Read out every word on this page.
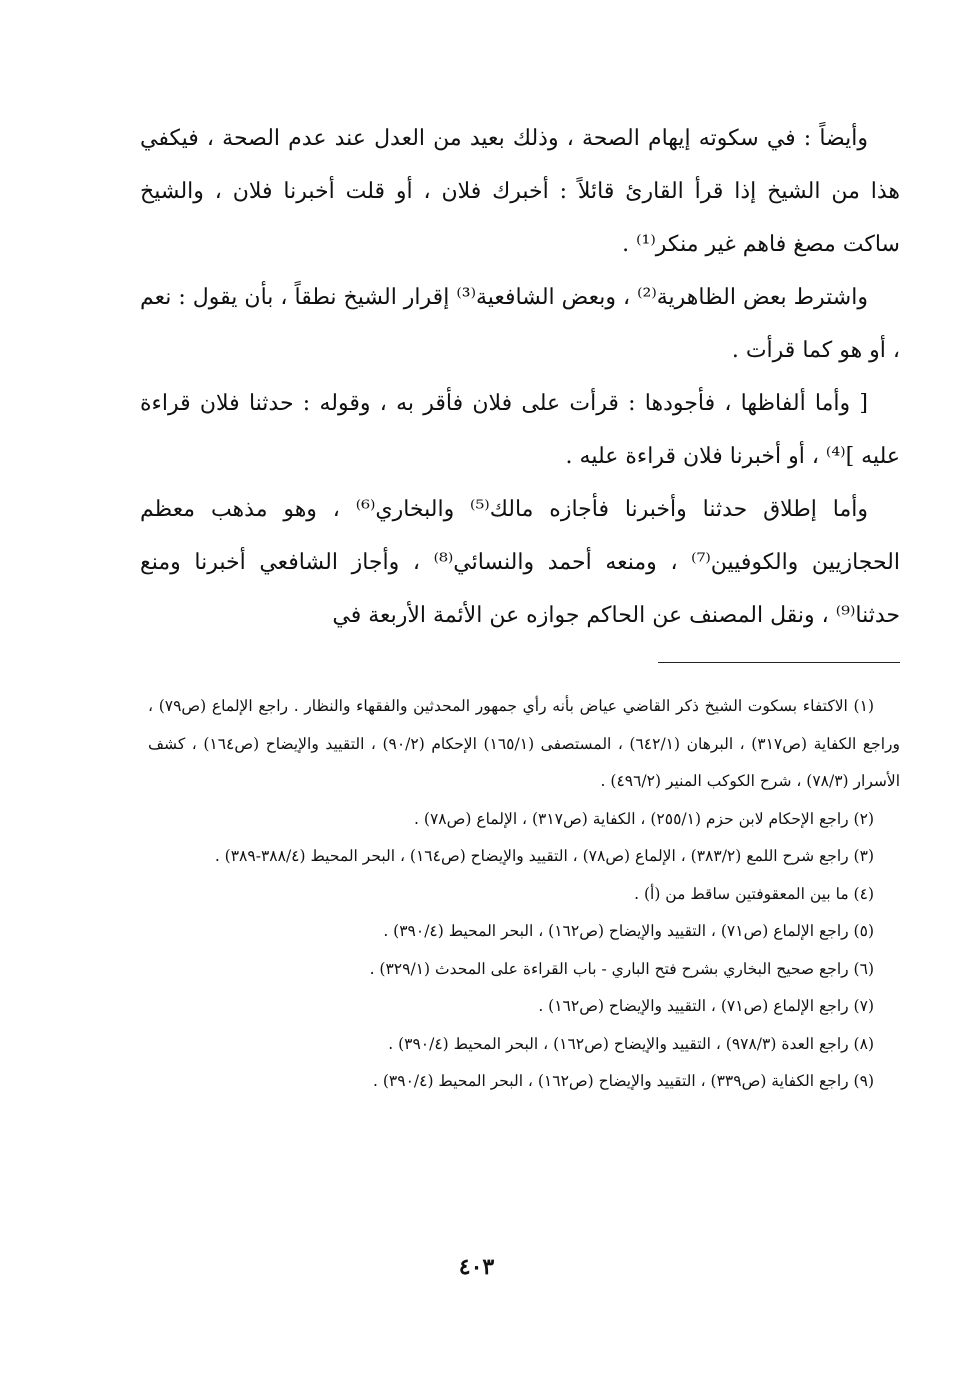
وأيضاً : في سكوته إيهام الصحة ، وذلك بعيد من العدل عند عدم الصحة ، فيكفي هذا من الشيخ إذا قرأ القارئ قائلاً : أخبرك فلان ، أو قلت أخبرنا فلان ، والشيخ ساكت مصغ فاهم غير منكر⁽¹⁾ .

واشترط بعض الظاهرية⁽²⁾ ، وبعض الشافعية⁽³⁾ إقرار الشيخ نطقاً ، بأن يقول : نعم ، أو هو كما قرأت .

[ وأما ألفاظها ، فأجودها : قرأت على فلان فأقر به ، وقوله : حدثنا فلان قراءة عليه ]⁽⁴⁾ ، أو أخبرنا فلان قراءة عليه .

وأما إطلاق حدثنا وأخبرنا فأجازه مالك⁽⁵⁾ والبخاري⁽⁶⁾ ، وهو مذهب معظم الحجازيين والكوفيين⁽⁷⁾ ، ومنعه أحمد والنسائي⁽⁸⁾ ، وأجاز الشافعي أخبرنا ومنع حدثنا⁽⁹⁾ ، ونقل المصنف عن الحاكم جوازه عن الأئمة الأربعة في

(١) الاكتفاء بسكوت الشيخ ذكر القاضي عياض بأنه رأي جمهور المحدثين والفقهاء والنظار . راجع الإلماع (ص٧٩) ، وراجع الكفاية (ص٣١٧) ، البرهان (٦٤٢/١) ، المستصفى (١٦٥/١) الإحكام (٩٠/٢) ، التقييد والإيضاح (ص١٦٤) ، كشف الأسرار (٧٨/٣) ، شرح الكوكب المنير (٤٩٦/٢) .

(٢) راجع الإحكام لابن حزم (٢٥٥/١) ، الكفاية (ص٣١٧) ، الإلماع (ص٧٨) .

(٣) راجع شرح اللمع (٣٨٣/٢) ، الإلماع (ص٧٨) ، التقييد والإيضاح (ص١٦٤) ، البحر المحيط (٣٨٨/٤-٣٨٩) .

(٤) ما بين المعقوفتين ساقط من (أ) .

(٥) راجع الإلماع (ص٧١) ، التقييد والإيضاح (ص١٦٢) ، البحر المحيط (٣٩٠/٤) .

(٦) راجع صحيح البخاري بشرح فتح الباري - باب القراءة على المحدث (٣٢٩/١) .

(٧) راجع الإلماع (ص٧١) ، التقييد والإيضاح (ص١٦٢) .

(٨) راجع العدة (٩٧٨/٣) ، التقييد والإيضاح (ص١٦٢) ، البحر المحيط (٣٩٠/٤) .

(٩) راجع الكفاية (ص٣٣٩) ، التقييد والإيضاح (ص١٦٢) ، البحر المحيط (٣٩٠/٤) .

٤٠٣
